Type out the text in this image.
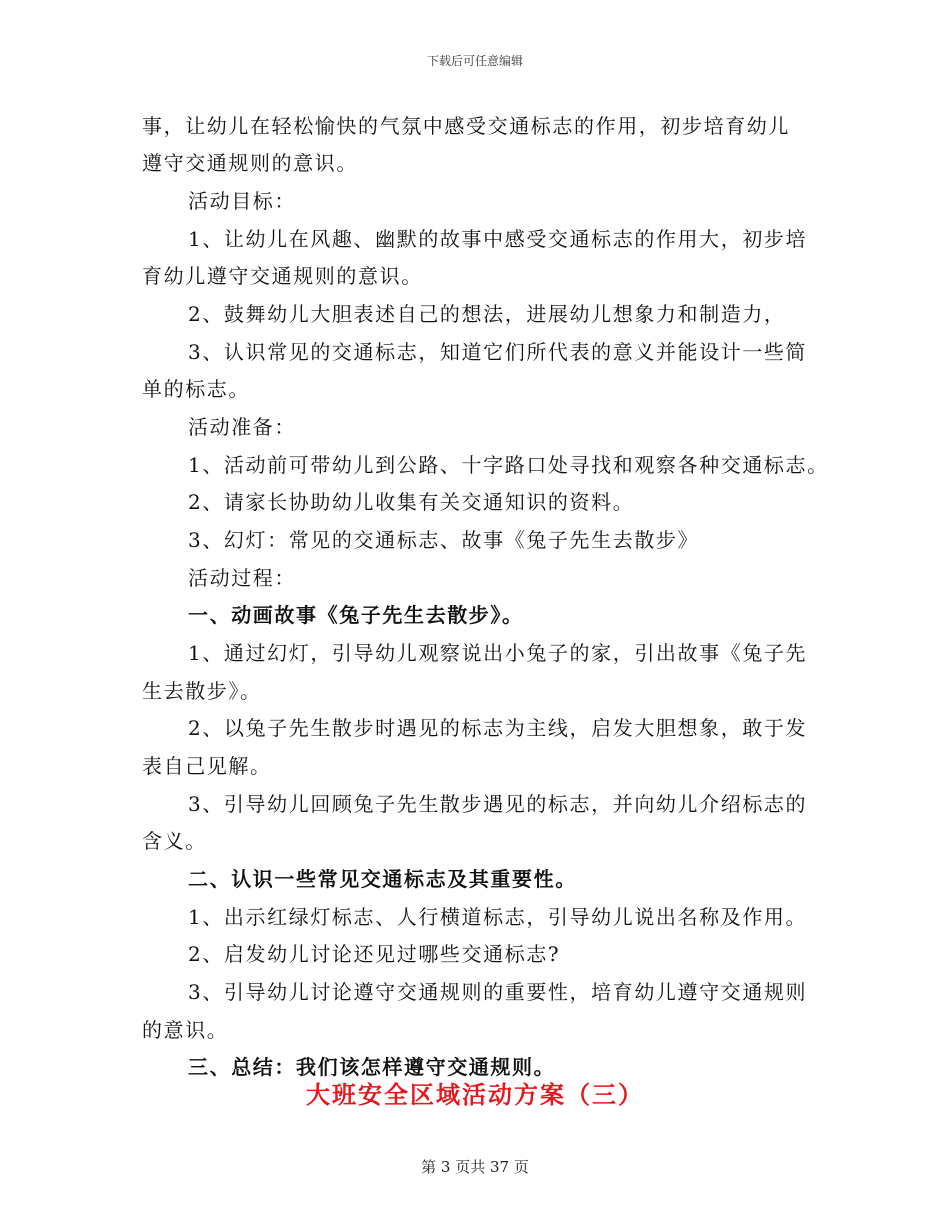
下载后可任意编辑
事，让幼儿在轻松愉快的气氛中感受交通标志的作用，初步培育幼儿
遵守交通规则的意识。
活动目标：
1、让幼儿在风趣、幽默的故事中感受交通标志的作用大，初步培
育幼儿遵守交通规则的意识。
2、鼓舞幼儿大胆表述自己的想法，进展幼儿想象力和制造力，
3、认识常见的交通标志，知道它们所代表的意义并能设计一些简
单的标志。
活动准备：
1、活动前可带幼儿到公路、十字路口处寻找和观察各种交通标志。
2、请家长协助幼儿收集有关交通知识的资料。
3、幻灯：常见的交通标志、故事《兔子先生去散步》
活动过程：
一、动画故事《兔子先生去散步》。
1、通过幻灯，引导幼儿观察说出小兔子的家，引出故事《兔子先
生去散步》。
2、以兔子先生散步时遇见的标志为主线，启发大胆想象，敢于发
表自己见解。
3、引导幼儿回顾兔子先生散步遇见的标志，并向幼儿介绍标志的
含义。
二、认识一些常见交通标志及其重要性。
1、出示红绿灯标志、人行横道标志，引导幼儿说出名称及作用。
2、启发幼儿讨论还见过哪些交通标志?
3、引导幼儿讨论遵守交通规则的重要性，培育幼儿遵守交通规则
的意识。
三、总结：我们该怎样遵守交通规则。
大班安全区域活动方案（三）
第 3 页共 37 页
